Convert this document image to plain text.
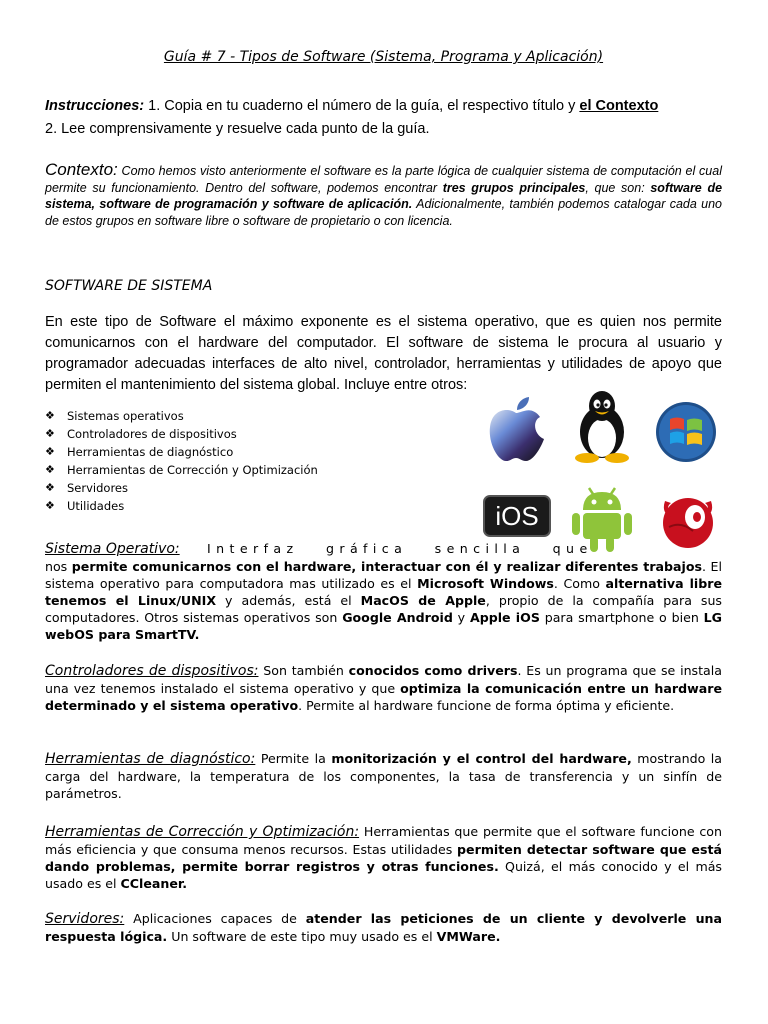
Guía # 7 - Tipos de Software (Sistema, Programa y Aplicación)
Instrucciones: 1. Copia en tu cuaderno el número de la guía, el respectivo título y el Contexto
2. Lee comprensivamente y resuelve cada punto de la guía.
Contexto: Como hemos visto anteriormente el software es la parte lógica de cualquier sistema de computación el cual permite su funcionamiento. Dentro del software, podemos encontrar tres grupos principales, que son: software de sistema, software de programación y software de aplicación. Adicionalmente, también podemos catalogar cada uno de estos grupos en software libre o software de propietario o con licencia.
SOFTWARE DE SISTEMA
En este tipo de Software el máximo exponente es el sistema operativo, que es quien nos permite comunicarnos con el hardware del computador. El software de sistema le procura al usuario y programador adecuadas interfaces de alto nivel, controlador, herramientas y utilidades de apoyo que permiten el mantenimiento del sistema global. Incluye entre otros:
❖ Sistemas operativos
❖ Controladores de dispositivos
❖ Herramientas de diagnóstico
❖ Herramientas de Corrección y Optimización
❖ Servidores
❖ Utilidades	iOS
Sistema Operativo: Interfaz gráfica sencilla que
nos permite comunicarnos con el hardware, interactuar con él y realizar diferentes trabajos. El sistema operativo para computadora mas utilizado es el Microsoft Windows. Como alternativa libre tenemos el Linux/UNIX y además, está el MacOS de Apple, propio de la compañía para sus computadores. Otros sistemas operativos son Google Android y Apple iOS para smartphone o bien LG webOS para SmartTV.
Controladores de dispositivos: Son también conocidos como drivers. Es un programa que se instala una vez tenemos instalado el sistema operativo y que optimiza la comunicación entre un hardware determinado y el sistema operativo. Permite al hardware funcione de forma óptima y eficiente.
Herramientas de diagnóstico: Permite la monitorización y el control del hardware, mostrando la carga del hardware, la temperatura de los componentes, la tasa de transferencia y un sinfín de parámetros.
Herramientas de Corrección y Optimización: Herramientas que permite que el software funcione con más eficiencia y que consuma menos recursos. Estas utilidades permiten detectar software que está dando problemas, permite borrar registros y otras funciones. Quizá, el más conocido y el más usado es el CCleaner.
Servidores: Aplicaciones capaces de atender las peticiones de un cliente y devolverle una respuesta lógica. Un software de este tipo muy usado es el VMWare.
